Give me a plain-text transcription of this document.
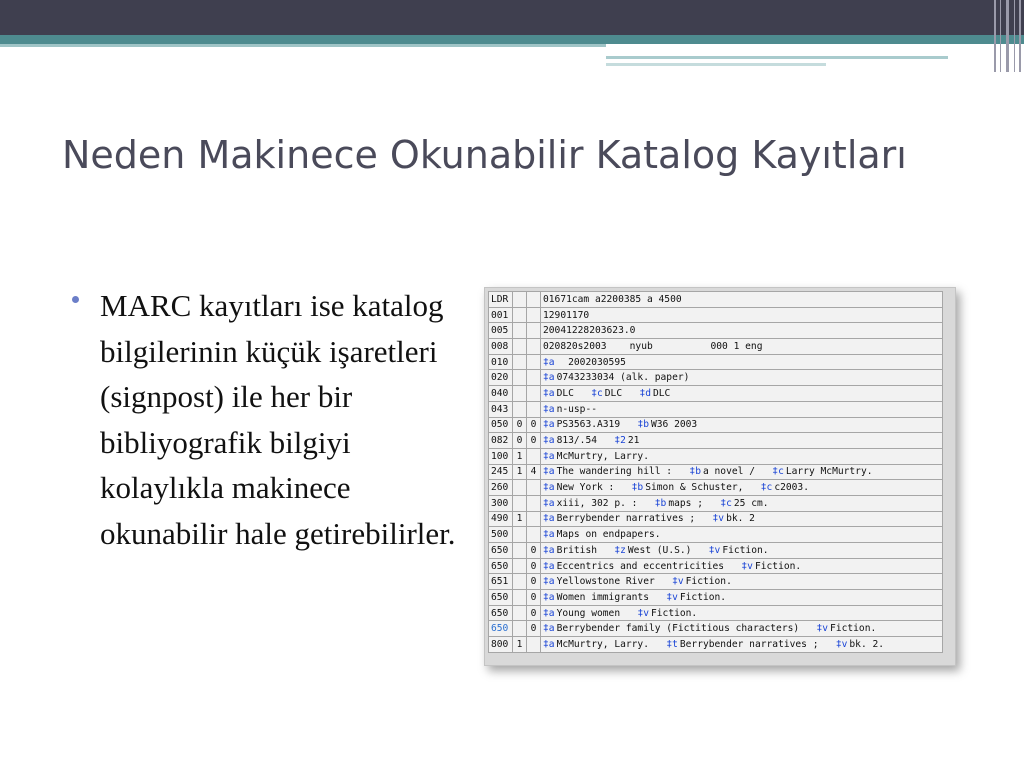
Neden Makinece Okunabilir Katalog Kayıtları

MARC kayıtları ise katalog bilgilerinin küçük işaretleri (signpost) ile her bir bibliyografik bilgiyi kolaylıkla makinece okunabilir hale getirebilirler.

LDR			01671cam a2200385 a 4500
001			12901170
005			20041228203623.0
008			020820s2003    nyub          000 1 eng
010			‡a  2002030595
020			‡a 0743233034 (alk. paper)
040			‡a DLC   ‡c DLC   ‡d DLC
043			‡a n-usp--
050	0	0	‡a PS3563.A319   ‡b W36 2003
082	0	0	‡a 813/.54   ‡2 21
100	1		‡a McMurtry, Larry.
245	1	4	‡a The wandering hill :   ‡b a novel /   ‡c Larry McMurtry.
260			‡a New York :   ‡b Simon & Schuster,   ‡c c2003.
300			‡a xiii, 302 p. :   ‡b maps ;   ‡c 25 cm.
490	1		‡a Berrybender narratives ;   ‡v bk. 2
500			‡a Maps on endpapers.
650		0	‡a British   ‡z West (U.S.)   ‡v Fiction.
650		0	‡a Eccentrics and eccentricities   ‡v Fiction.
651		0	‡a Yellowstone River   ‡v Fiction.
650		0	‡a Women immigrants   ‡v Fiction.
650		0	‡a Young women   ‡v Fiction.
650		0	‡a Berrybender family (Fictitious characters)   ‡v Fiction.
800	1		‡a McMurtry, Larry.   ‡t Berrybender narratives ;   ‡v bk. 2.
